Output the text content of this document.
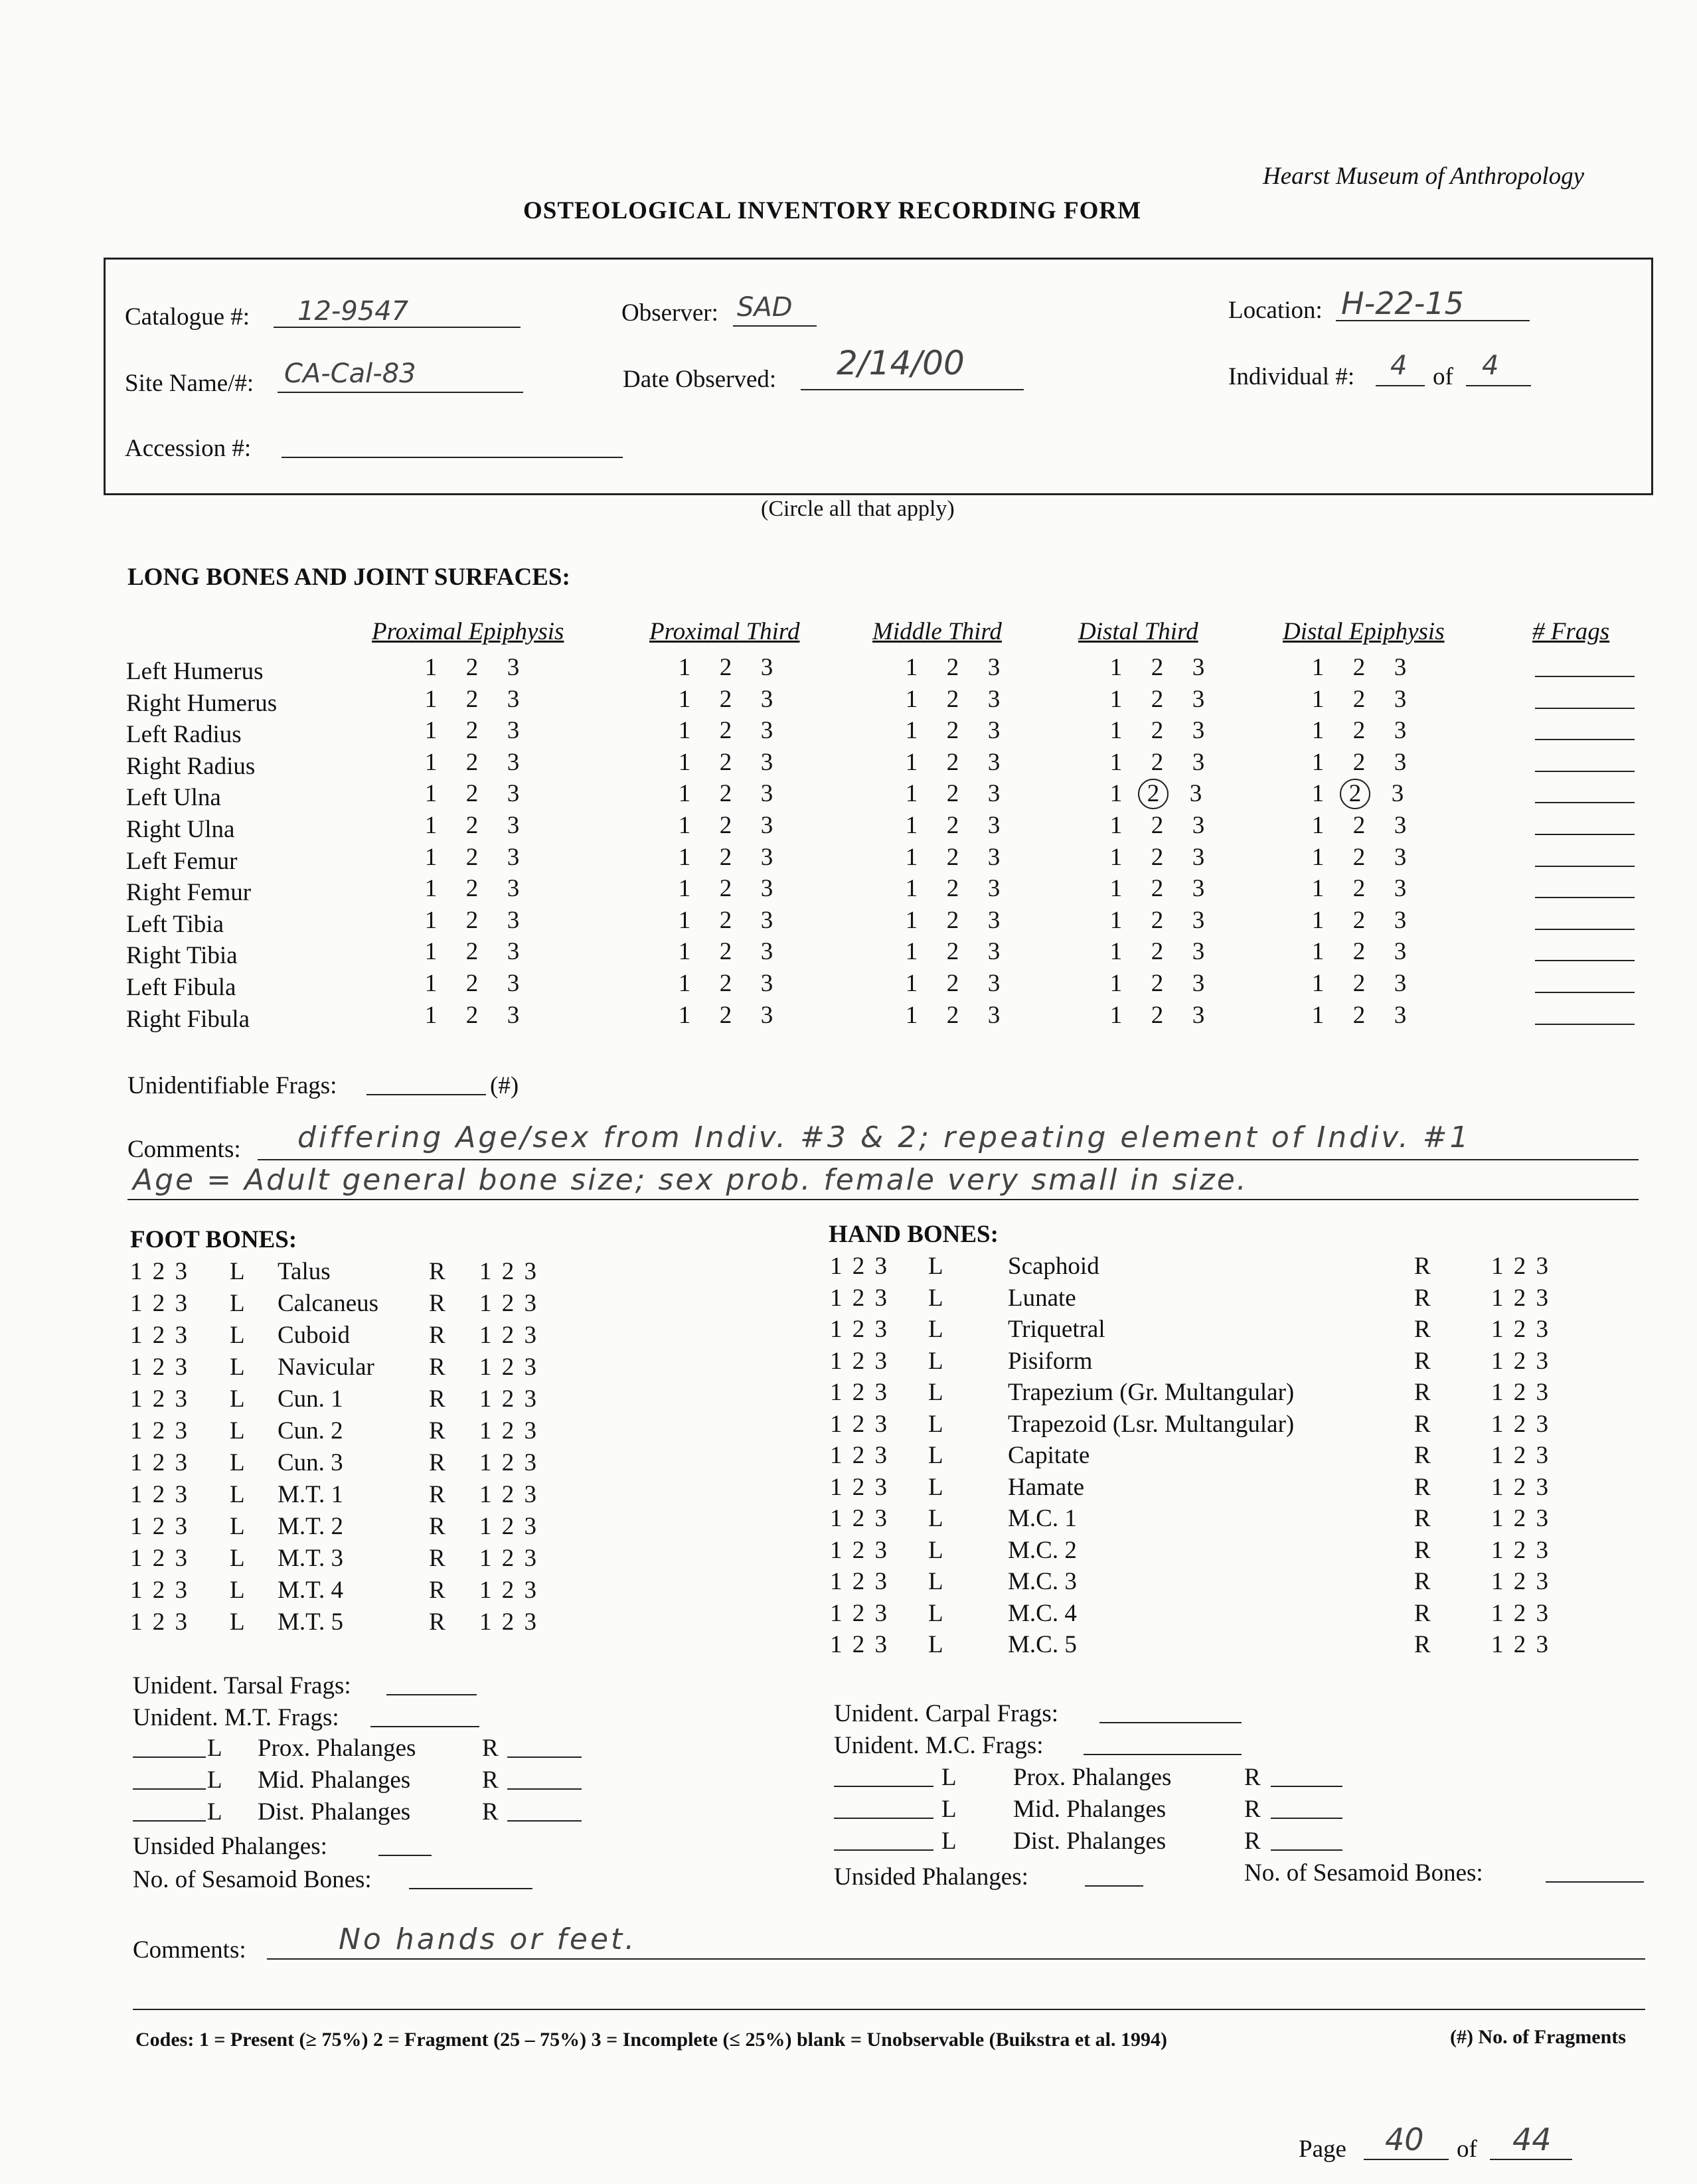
Hearst Museum of Anthropology
OSTEOLOGICAL INVENTORY RECORDING FORM
Catalogue #: 12-9547	Observer: SAD	Location: H-22-15
Site Name/#: CA-Cal-83	Date Observed: 2/14/00	Individual #: 4 of 4
Accession #:
(Circle all that apply)
LONG BONES AND JOINT SURFACES:
Proximal Epiphysis	Proximal Third	Middle Third	Distal Third	Distal Epiphysis	# Frags
Left Humerus	1 2 3	1 2 3	1 2 3	1 2 3	1 2 3
Right Humerus	1 2 3	1 2 3	1 2 3	1 2 3	1 2 3
Left Radius	1 2 3	1 2 3	1 2 3	1 2 3	1 2 3
Right Radius	1 2 3	1 2 3	1 2 3	1 2 3	1 2 3
Left Ulna	1 2 3	1 2 3	1 2 3	1 2 3	1 2 3
Right Ulna	1 2 3	1 2 3	1 2 3	1 2 3	1 2 3
Left Femur	1 2 3	1 2 3	1 2 3	1 2 3	1 2 3
Right Femur	1 2 3	1 2 3	1 2 3	1 2 3	1 2 3
Left Tibia	1 2 3	1 2 3	1 2 3	1 2 3	1 2 3
Right Tibia	1 2 3	1 2 3	1 2 3	1 2 3	1 2 3
Left Fibula	1 2 3	1 2 3	1 2 3	1 2 3	1 2 3
Right Fibula	1 2 3	1 2 3	1 2 3	1 2 3	1 2 3
Unidentifiable Frags:	(#)
Comments: differing Age/sex from Indiv. #3 & 2; repeating element of Indiv. #1
Age = Adult general bone size; sex prob. female very small in size.
FOOT BONES:	HAND BONES:
1 2 3 L Talus	R 1 2 3
1 2 3 L Calcaneus R 1 2 3
1 2 3 L Cuboid	R 1 2 3
1 2 3 L Navicular R 1 2 3
1 2 3 L Cun. 1	R 1 2 3
1 2 3 L Cun. 2	R 1 2 3
1 2 3 L Cun. 3	R 1 2 3
1 2 3 L M.T. 1	R 1 2 3
1 2 3 L M.T. 2	R 1 2 3
1 2 3 L M.T. 3	R 1 2 3
1 2 3 L M.T. 4	R 1 2 3
1 2 3 L M.T. 5	R 1 2 3
1 2 3 L	Scaphoid	R 1 2 3
1 2 3 L	Lunate	R 1 2 3
1 2 3 L	Triquetral	R 1 2 3
1 2 3 L	Pisiform	R 1 2 3
1 2 3 L	Trapezium (Gr. Multangular)	R 1 2 3
1 2 3 L	Trapezoid (Lsr. Multangular)	R 1 2 3
1 2 3 L	Capitate	R 1 2 3
1 2 3 L	Hamate	R 1 2 3
1 2 3 L	M.C. 1	R 1 2 3
1 2 3 L	M.C. 2	R 1 2 3
1 2 3 L	M.C. 3	R 1 2 3
1 2 3 L	M.C. 4	R 1 2 3
1 2 3 L	M.C. 5	R 1 2 3
Unident. Tarsal Frags:
Unident. M.T. Frags:
L Prox. Phalanges	R
L Mid. Phalanges	R
L Dist. Phalanges	R
Unsided Phalanges:
No. of Sesamoid Bones:
Unident. Carpal Frags:
Unident. M.C. Frags:
L Prox. Phalanges	R
L Mid. Phalanges	R
L Dist. Phalanges	R
Unsided Phalanges:	No. of Sesamoid Bones:
Comments:	No hands or feet.
Codes: 1 = Present (≥ 75%) 2 = Fragment (25 – 75%) 3 = Incomplete (≤ 25%) blank = Unobservable (Buikstra et al. 1994)	(#) No. of Fragments
Page 40 of 44
